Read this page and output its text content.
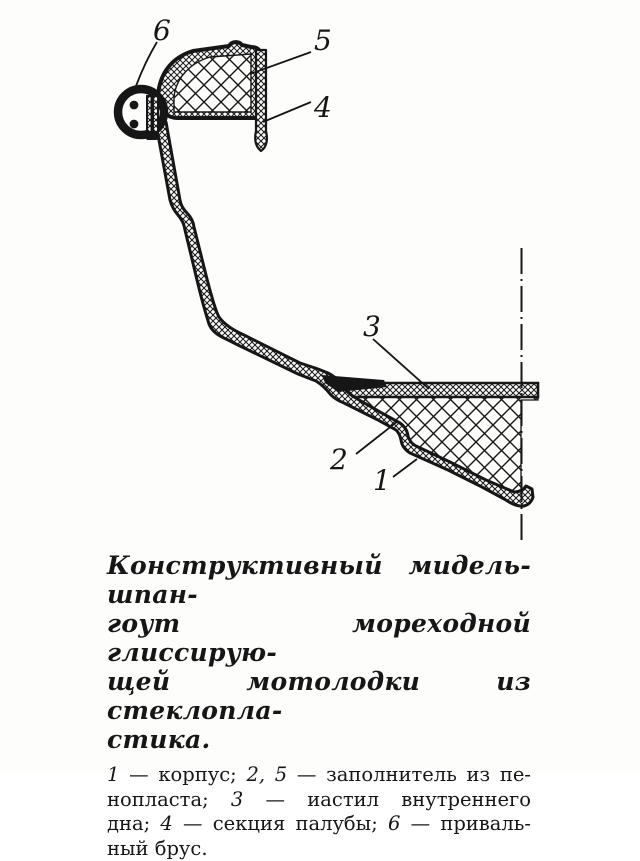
6	5
4
3
2
1
Конструктивный мидель-шпан-
гоут мореходной глиссирую-
щей мотолодки из стеклопла-
стика.
1 — корпус; 2, 5 — заполнитель из пе-
нопласта; 3 — иастил внутреннего
дна; 4 — секция палубы; 6 — приваль-
ный брус.
